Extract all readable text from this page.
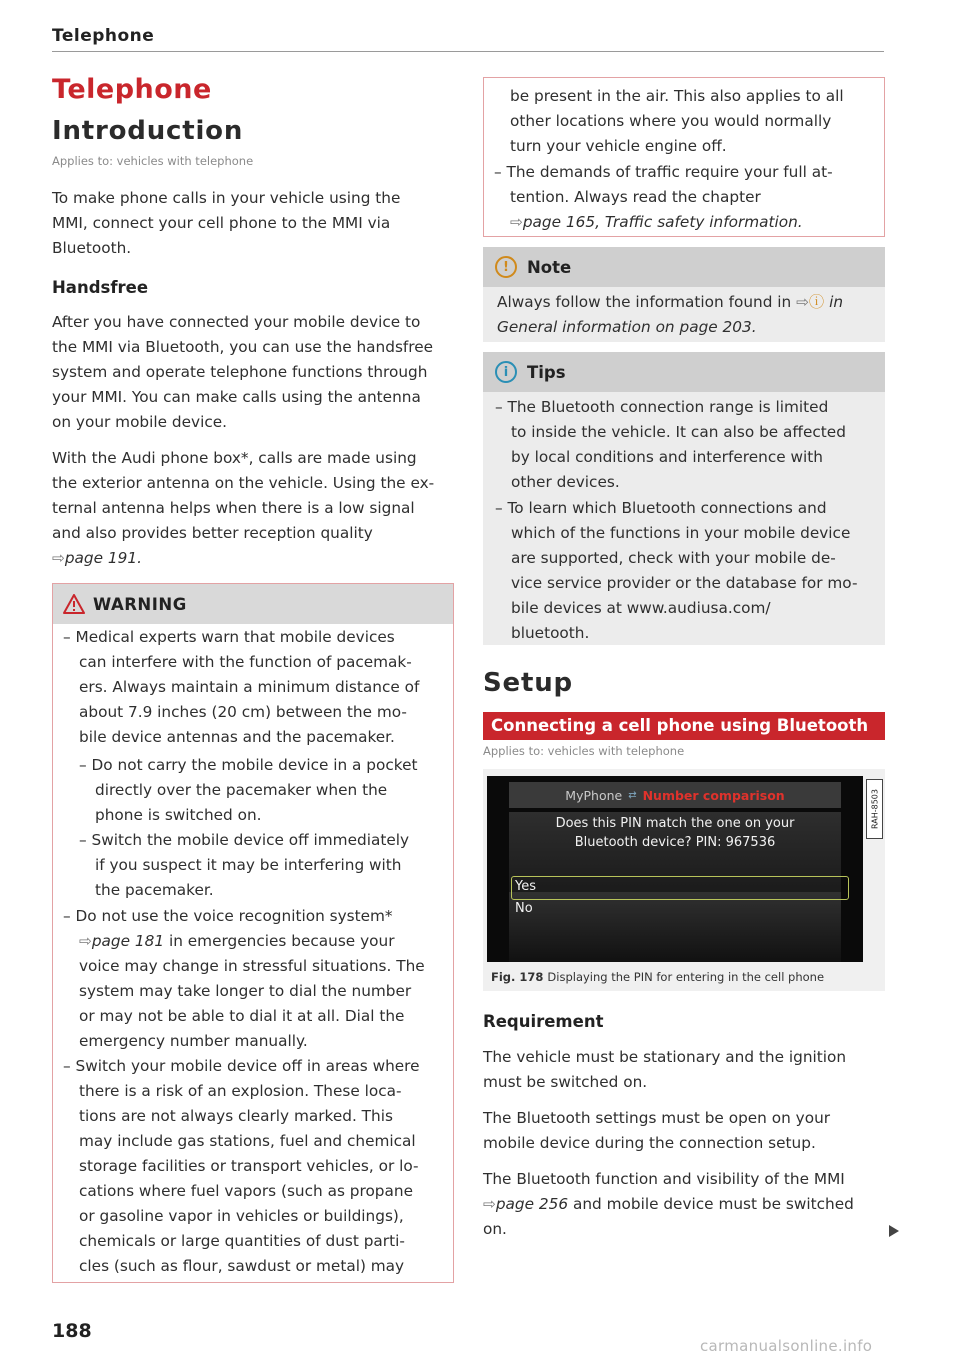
Telephone
Telephone
Introduction
Applies to: vehicles with telephone
To make phone calls in your vehicle using the
MMI, connect your cell phone to the MMI via
Bluetooth.
Handsfree
After you have connected your mobile device to
the MMI via Bluetooth, you can use the handsfree
system and operate telephone functions through
your MMI. You can make calls using the antenna
on your mobile device.
With the Audi phone box*, calls are made using
the exterior antenna on the vehicle. Using the ex-
ternal antenna helps when there is a low signal
and also provides better reception quality
⇨page 191.
WARNING
– Medical experts warn that mobile devices
can interfere with the function of pacemak-
ers. Always maintain a minimum distance of
about 7.9 inches (20 cm) between the mo-
bile device antennas and the pacemaker.
– Do not carry the mobile device in a pocket
directly over the pacemaker when the
phone is switched on.
– Switch the mobile device off immediately
if you suspect it may be interfering with
the pacemaker.
– Do not use the voice recognition system*
⇨page 181 in emergencies because your
voice may change in stressful situations. The
system may take longer to dial the number
or may not be able to dial it at all. Dial the
emergency number manually.
– Switch your mobile device off in areas where
there is a risk of an explosion. These loca-
tions are not always clearly marked. This
may include gas stations, fuel and chemical
storage facilities or transport vehicles, or lo-
cations where fuel vapors (such as propane
or gasoline vapor in vehicles or buildings),
chemicals or large quantities of dust parti-
cles (such as flour, sawdust or metal) may
188
be present in the air. This also applies to all
other locations where you would normally
turn your vehicle engine off.
– The demands of traffic require your full at-
tention. Always read the chapter
⇨page 165, Traffic safety information.
!	Note
Always follow the information found in ⇨ⓘ in
General information on page 203.
i	Tips
– The Bluetooth connection range is limited
to inside the vehicle. It can also be affected
by local conditions and interference with
other devices.
– To learn which Bluetooth connections and
which of the functions in your mobile device
are supported, check with your mobile de-
vice service provider or the database for mo-
bile devices at www.audiusa.com/
bluetooth.
Setup
Connecting a cell phone using Bluetooth
Applies to: vehicles with telephone
MyPhone ⇄ Number comparison
Does this PIN match the one on your
Bluetooth device? PIN: 967536
Yes
No
RAH-8503
Fig. 178 Displaying the PIN for entering in the cell phone
Requirement
The vehicle must be stationary and the ignition
must be switched on.
The Bluetooth settings must be open on your
mobile device during the connection setup.
The Bluetooth function and visibility of the MMI
⇨page 256 and mobile device must be switched
on.
carmanualsonline.info
